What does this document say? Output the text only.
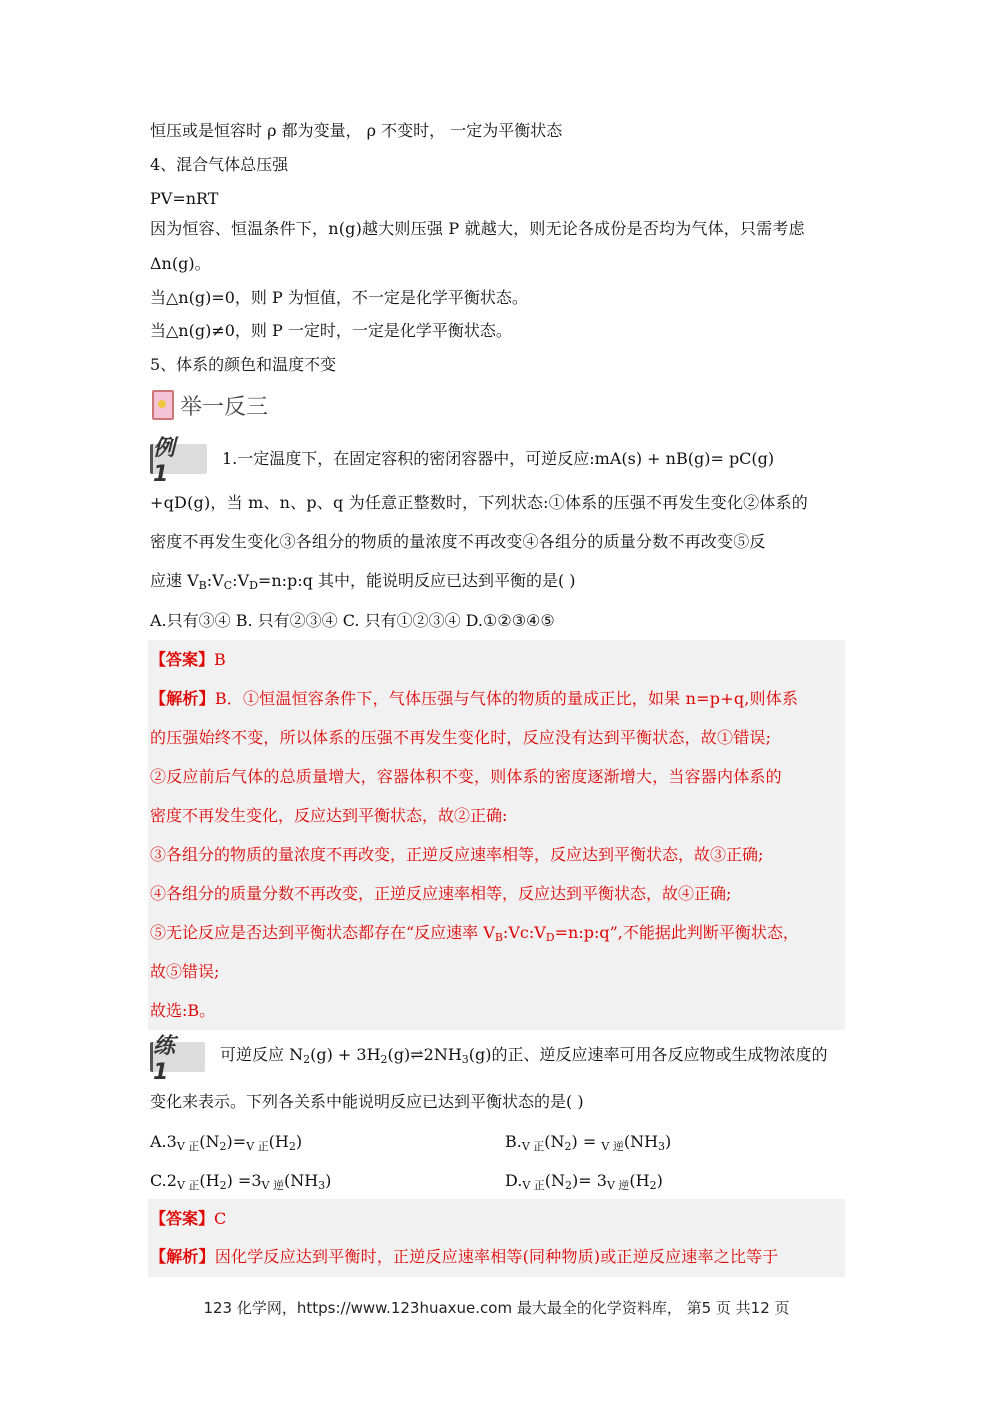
恒压或是恒容时 ρ 都为变量， ρ 不变时， 一定为平衡状态
4、混合气体总压强
PV=nRT
因为恒容、恒温条件下，n(g)越大则压强 P 就越大，则无论各成份是否均为气体，只需考虑
Δn(g)。
当△n(g)=0，则 P 为恒值，不一定是化学平衡状态。
当△n(g)≠0，则 P 一定时，一定是化学平衡状态。
5、体系的颜色和温度不变
举一反三
例 1
1.一定温度下，在固定容积的密闭容器中，可逆反应:mA(s) + nB(g)= pC(g)
+qD(g)，当 m、n、p、q 为任意正整数时，下列状态:①体系的压强不再发生变化②体系的
密度不再发生变化③各组分的物质的量浓度不再改变④各组分的质量分数不再改变⑤反
应速 $V_B:V_C:V_D=n:p:q$ 其中，能说明反应已达到平衡的是( )
A.只有③④ B. 只有②③④ C. 只有①②③④ D.①②③④⑤
【答案】B
【解析】B．①恒温恒容条件下，气体压强与气体的物质的量成正比，如果 n=p+q,则体系
的压强始终不变，所以体系的压强不再发生变化时，反应没有达到平衡状态，故①错误;
②反应前后气体的总质量增大，容器体积不变，则体系的密度逐渐增大，当容器内体系的
密度不再发生变化，反应达到平衡状态，故②正确:
③各组分的物质的量浓度不再改变，正逆反应速率相等，反应达到平衡状态，故③正确;
④各组分的质量分数不再改变，正逆反应速率相等，反应达到平衡状态，故④正确;
⑤无论反应是否达到平衡状态都存在“反应速率 $V_B:Vc:V_D=n:p:q$”,不能据此判断平衡状态，
故⑤错误;
故选:B。
练 1
可逆反应 $N_2(g)$ + $3H_2(g)\rightleftharpoons 2NH_3(g)$的正、逆反应速率可用各反应物或生成物浓度的
变化来表示。下列各关系中能说明反应已达到平衡状态的是( )
$A.3_{V 正}(N_2)=_{V 正}(H_2)$	$B._{V 正}(N_2) = _{V 逆}(NH_3)$
$C.2_{V 正}(H_2) =3_{V 逆}(NH_3)$	$D._{V 正}(N_2)= 3_{V 逆}(H_2)$
【答案】C
【解析】因化学反应达到平衡时，正逆反应速率相等(同种物质)或正逆反应速率之比等于
123 化学网，https://www.123huaxue.com 最大最全的化学资料库， 第5 页 共12 页
